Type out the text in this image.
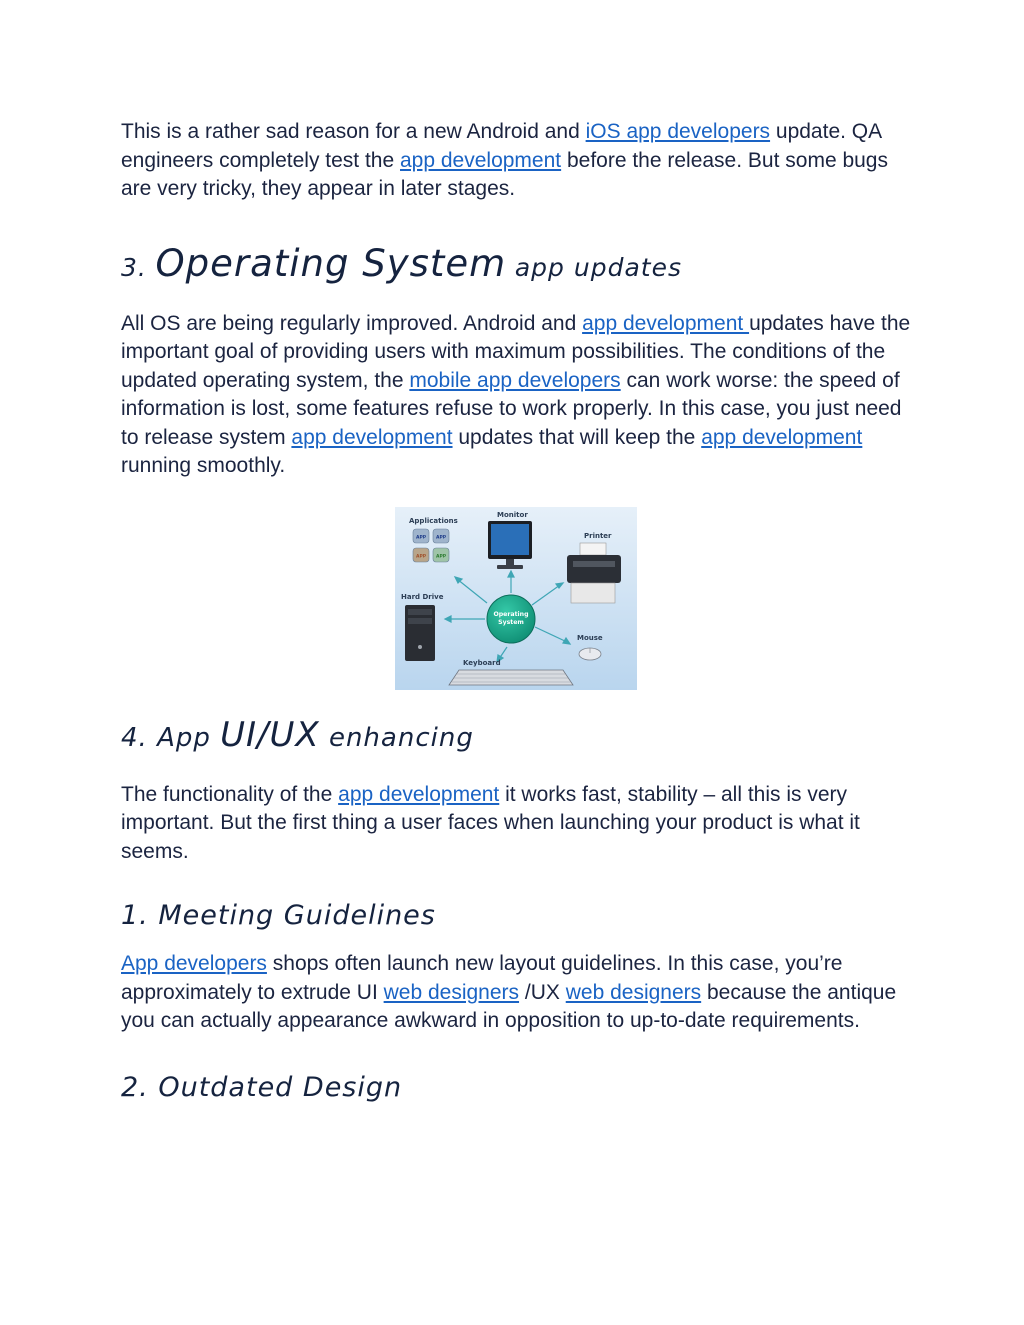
This is a rather sad reason for a new Android and iOS app developers update. QA engineers completely test the app development before the release. But some bugs are very tricky, they appear in later stages.

3. Operating System app updates

All OS are being regularly improved. Android and app development updates have the important goal of providing users with maximum possibilities. The conditions of the updated operating system, the mobile app developers can work worse: the speed of information is lost, some features refuse to work properly. In this case, you just need to release system app development updates that will keep the app development running smoothly.

Applications
APP APP
APP APP
Monitor
Printer
Hard Drive
Operating
System
Mouse
Keyboard
4. App UI/UX enhancing

The functionality of the app development it works fast, stability – all this is very important. But the first thing a user faces when launching your product is what it seems.

1. Meeting Guidelines

App developers shops often launch new layout guidelines. In this case, you’re approximately to extrude UI web designers /UX web designers because the antique you can actually appearance awkward in opposition to up-to-date requirements.

2. Outdated Design
